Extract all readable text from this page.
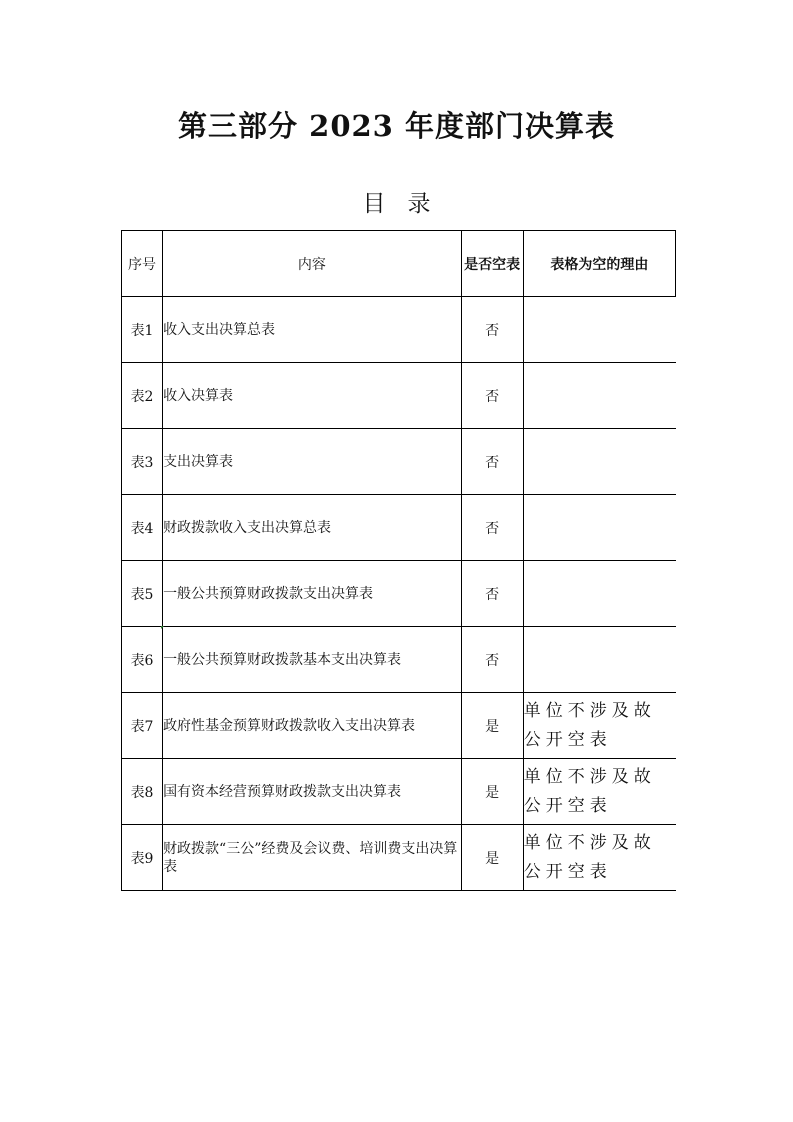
第三部分 2023 年度部门决算表
目录
序号	内容	是否空表	表格为空的理由
表1	收入支出决算总表	否	
表2	收入决算表	否	
表3	支出决算表	否	
表4	财政拨款收入支出决算总表	否	
表5	一般公共预算财政拨款支出决算表	否	
表6	一般公共预算财政拨款基本支出决算表	否	
表7	政府性基金预算财政拨款收入支出决算表	是	单位不涉及故公开空表
表8	国有资本经营预算财政拨款支出决算表	是	单位不涉及故公开空表
表9	财政拨款“三公”经费及会议费、培训费支出决算表	是	单位不涉及故公开空表
